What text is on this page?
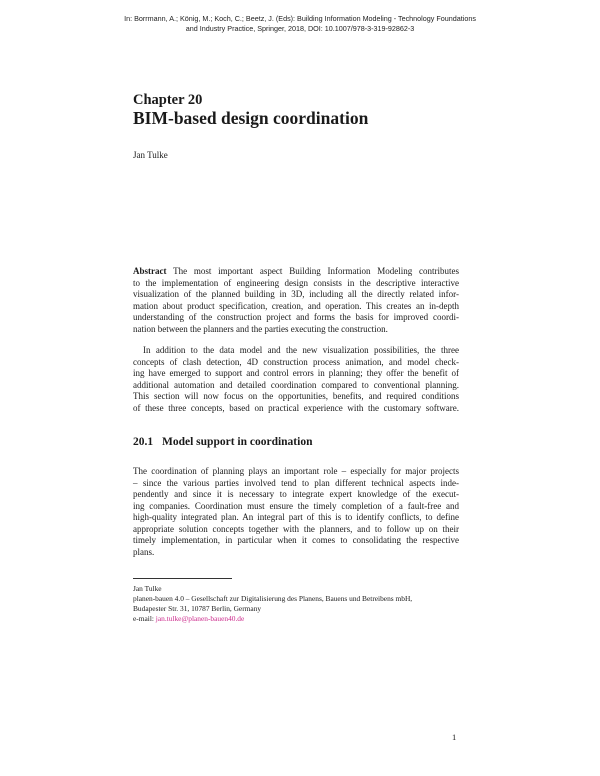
In: Borrmann, A.; König, M.; Koch, C.; Beetz, J. (Eds): Building Information Modeling - Technology Foundations
and Industry Practice, Springer, 2018, DOI: 10.1007/978-3-319-92862-3
Chapter 20
BIM-based design coordination
Jan Tulke
Abstract The most important aspect Building Information Modeling contributes
to the implementation of engineering design consists in the descriptive interactive
visualization of the planned building in 3D, including all the directly related infor-
mation about product specification, creation, and operation. This creates an in-depth
understanding of the construction project and forms the basis for improved coordi-
nation between the planners and the parties executing the construction.
In addition to the data model and the new visualization possibilities, the three
concepts of clash detection, 4D construction process animation, and model check-
ing have emerged to support and control errors in planning; they offer the benefit of
additional automation and detailed coordination compared to conventional planning.
This section will now focus on the opportunities, benefits, and required conditions
of these three concepts, based on practical experience with the customary software.
20.1 Model support in coordination
The coordination of planning plays an important role – especially for major projects
– since the various parties involved tend to plan different technical aspects inde-
pendently and since it is necessary to integrate expert knowledge of the execut-
ing companies. Coordination must ensure the timely completion of a fault-free and
high-quality integrated plan. An integral part of this is to identify conflicts, to define
appropriate solution concepts together with the planners, and to follow up on their
timely implementation, in particular when it comes to consolidating the respective
plans.
Jan Tulke
planen-bauen 4.0 – Gesellschaft zur Digitalisierung des Planens, Bauens und Betreibens mbH,
Budapester Str. 31, 10787 Berlin, Germany
e-mail: jan.tulke@planen-bauen40.de
1
